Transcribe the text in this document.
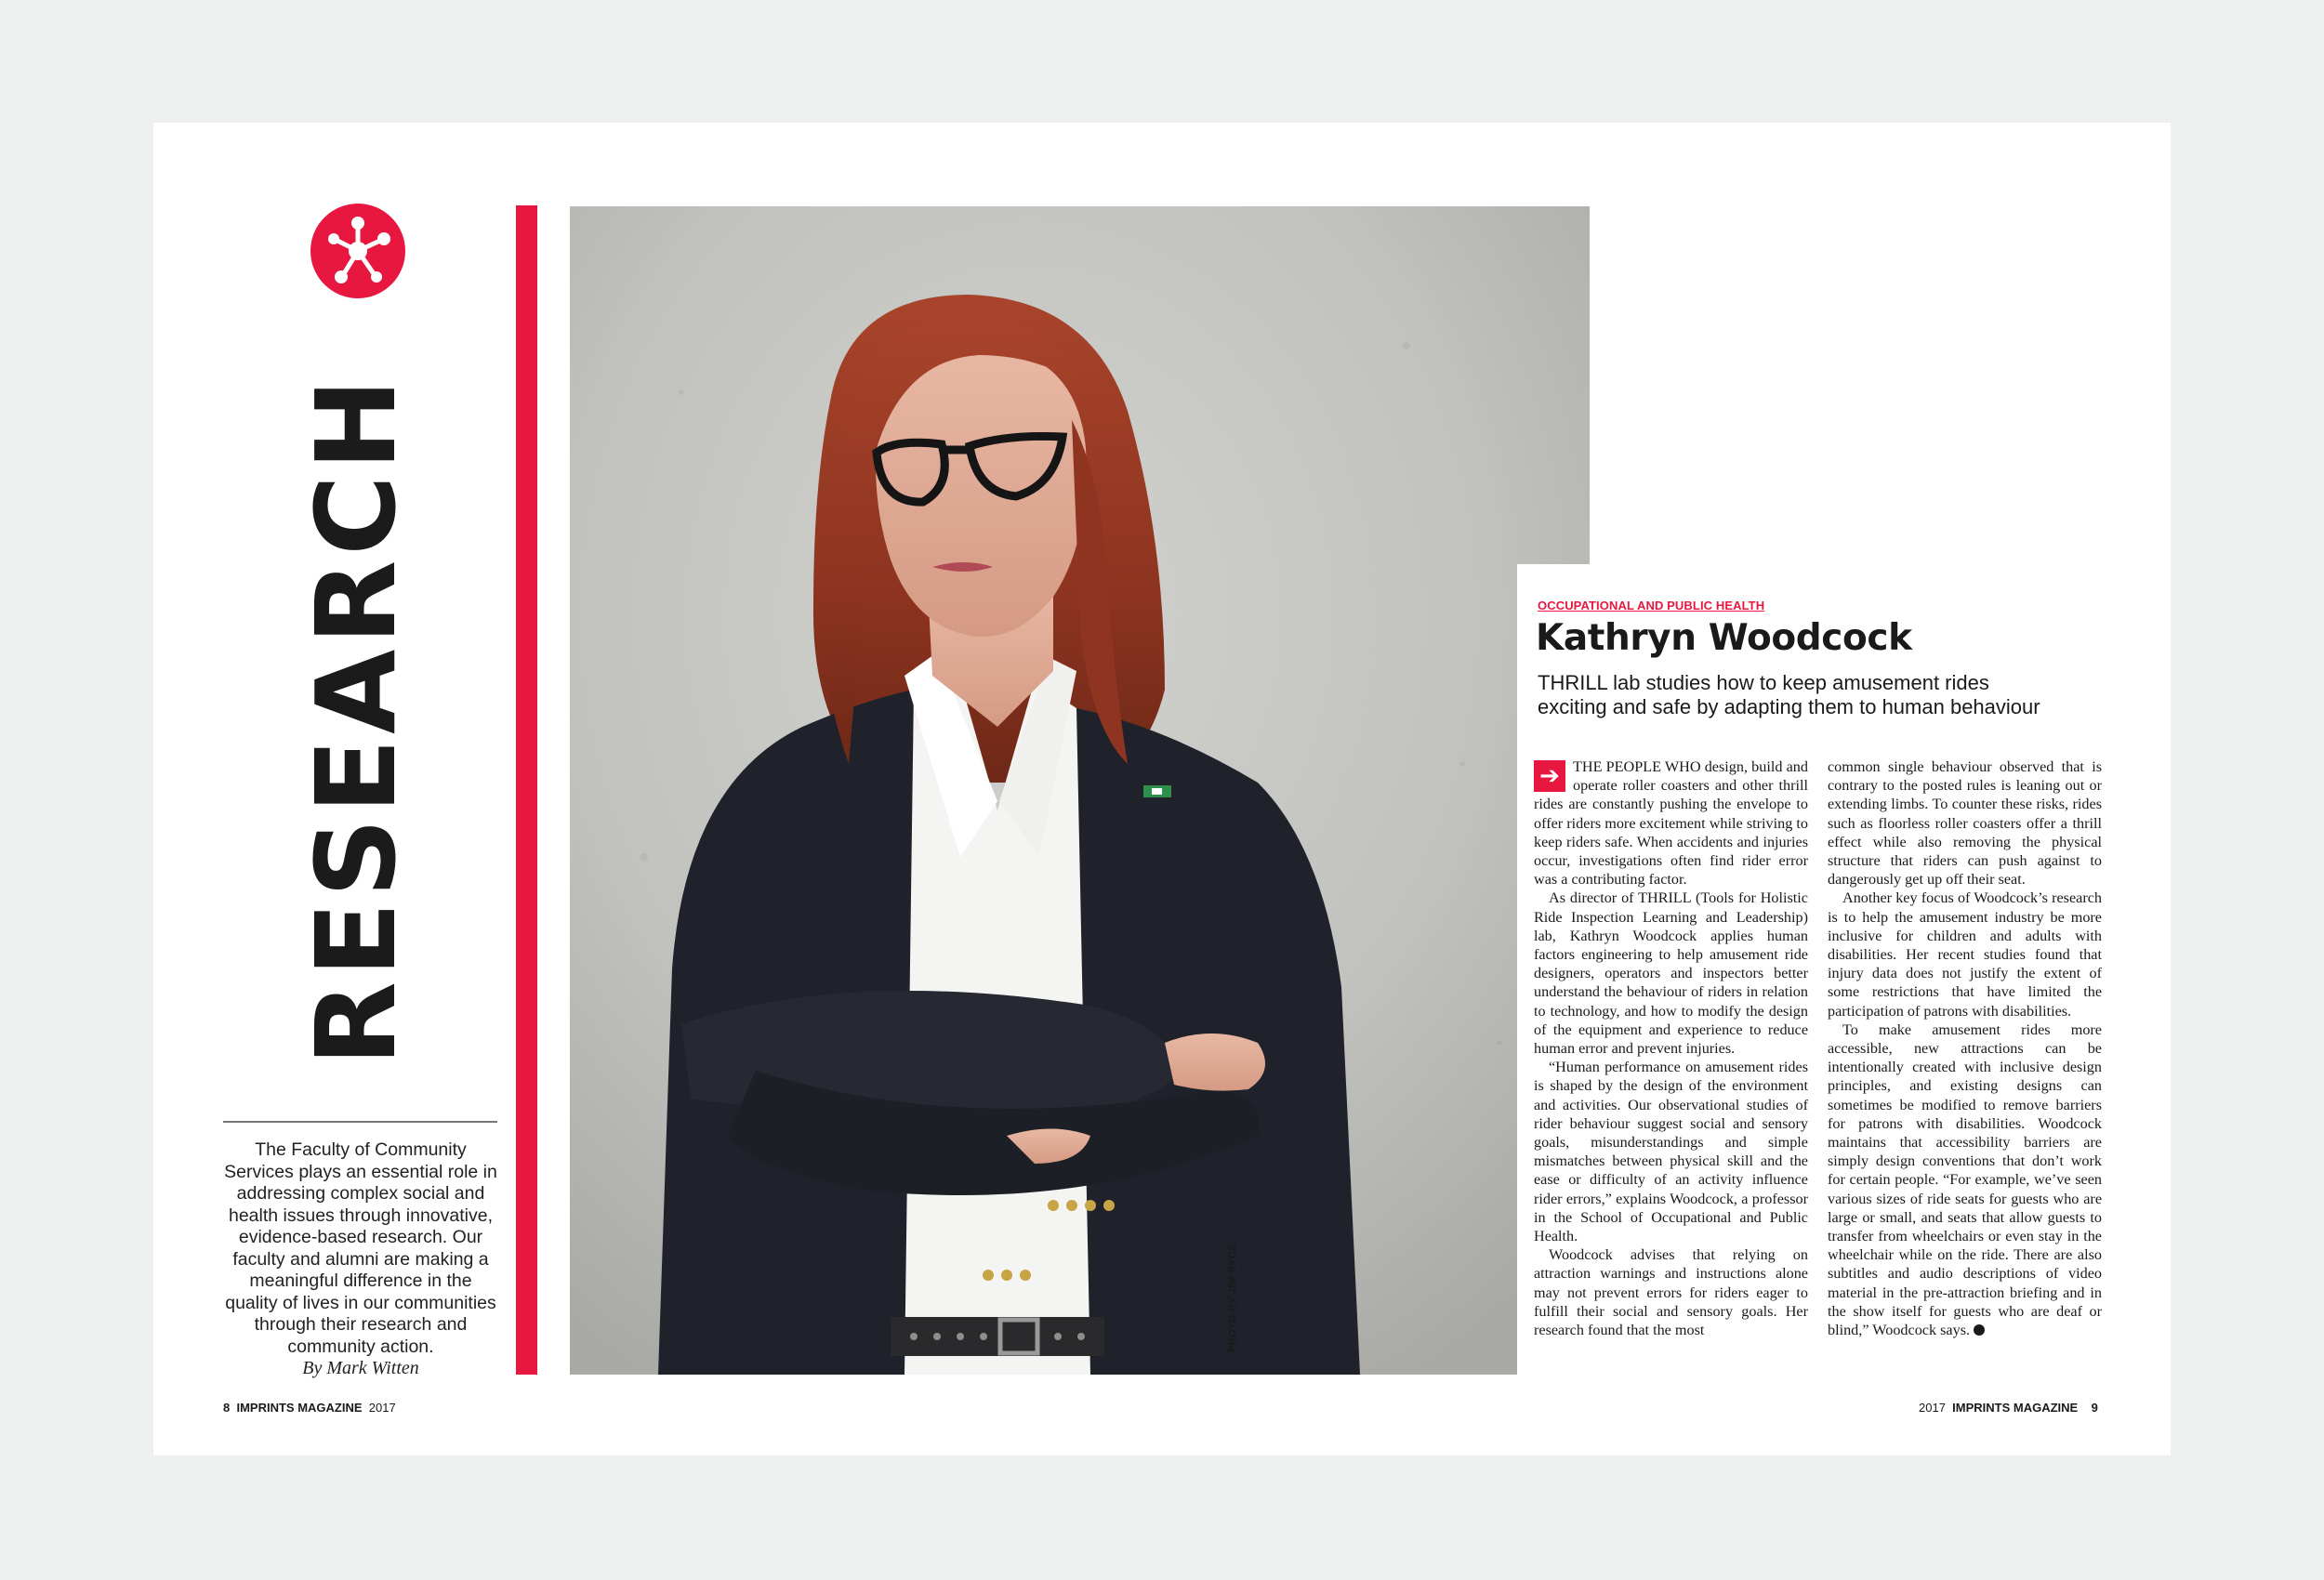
RESEARCH
The Faculty of Community Services plays an essential role in addressing complex social and health issues through innovative, evidence-based research. Our faculty and alumni are making a meaningful difference in the quality of lives in our communities through their research and community action.
By Mark Witten
PHOTO BY JIM RYCE
OCCUPATIONAL AND PUBLIC HEALTH
Kathryn Woodcock
THRILL lab studies how to keep amusement rides exciting and safe by adapting them to human behaviour
➔ THE PEOPLE WHO design, build and operate roller coasters and other thrill rides are constantly pushing the envelope to offer riders more excitement while striving to keep riders safe. When accidents and injuries occur, investigations often find rider error was a contributing factor.

As director of THRILL (Tools for Holistic Ride Inspection Learning and Leadership) lab, Kathryn Woodcock applies human factors engineering to help amusement ride designers, operators and inspectors better understand the behaviour of riders in relation to technology, and how to modify the design of the equipment and experience to reduce human error and prevent injuries.

“Human performance on amusement rides is shaped by the design of the environment and activities. Our observational studies of rider behaviour suggest social and sensory goals, misunderstandings and simple mismatches between physical skill and the ease or difficulty of an activity influence rider errors,” explains Woodcock, a professor in the School of Occupational and Public Health.

Woodcock advises that relying on attraction warnings and instructions alone may not prevent errors for riders eager to fulfill their social and sensory goals. Her research found that the most

common single behaviour observed that is contrary to the posted rules is leaning out or extending limbs. To counter these risks, rides such as floorless roller coasters offer a thrill effect while also removing the physical structure that riders can push against to dangerously get up off their seat.

Another key focus of Woodcock’s research is to help the amusement industry be more inclusive for children and adults with disabilities. Her recent studies found that injury data does not justify the extent of some restrictions that have limited the participation of patrons with disabilities.

To make amusement rides more accessible, new attractions can be intentionally created with inclusive design principles, and existing designs can sometimes be modified to remove barriers for patrons with disabilities. Woodcock maintains that accessibility barriers are simply design conventions that don’t work for certain people. “For example, we’ve seen various sizes of ride seats for guests who are large or small, and seats that allow guests to transfer from wheelchairs or even stay in the wheelchair while on the ride. There are also subtitles and audio descriptions of video material in the pre-attraction briefing and in the show itself for guests who are deaf or blind,” Woodcock says.

8 IMPRINTS MAGAZINE 2017	2017 IMPRINTS MAGAZINE 9
